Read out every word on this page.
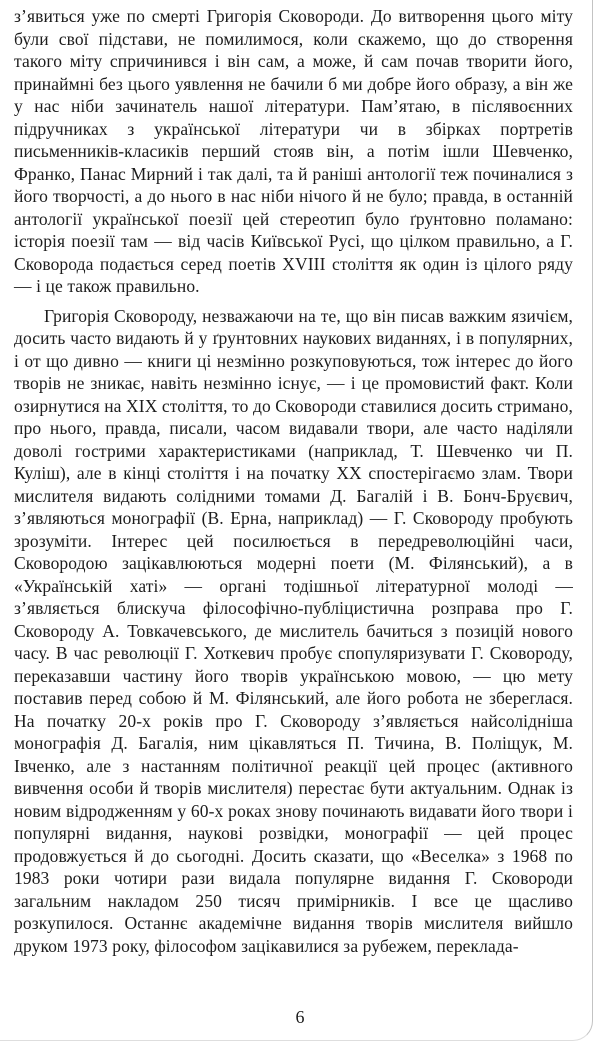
з’явиться уже по смерті Григорія Сковороди. До витворення цього міту були свої підстави, не помилимося, коли скажемо, що до створення такого міту спричинився і він сам, а може, й сам почав творити його, принаймні без цього уявлення не бачили б ми добре його образу, а він же у нас ніби зачинатель нашої літератури. Пам’ятаю, в післявоєнних підручниках з української літератури чи в збірках портретів письменників-класиків перший стояв він, а потім ішли Шевченко, Франко, Панас Мирний і так далі, та й раніші антології теж починалися з його творчості, а до нього в нас ніби нічого й не було; правда, в останній антології української поезії цей стереотип було ґрунтовно поламано: історія поезії там — від часів Київської Русі, що цілком правильно, а Г. Сковорода подається серед поетів XVIII століття як один із цілого ряду — і це також правильно.

Григорія Сковороду, незважаючи на те, що він писав важким язичієм, досить часто видають й у ґрунтовних наукових виданнях, і в популярних, і от що дивно — книги ці незмінно розкуповуються, тож інтерес до його творів не зникає, навіть незмінно існує, — і це промовистий факт. Коли озирнутися на XIX століття, то до Сковороди ставилися досить стримано, про нього, правда, писали, часом видавали твори, але часто наділяли доволі гострими характеристиками (наприклад, Т. Шевченко чи П. Куліш), але в кінці століття і на початку XX спостерігаємо злам. Твори мислителя видають солідними томами Д. Багалій і В. Бонч-Бруєвич, з’являються монографії (В. Ерна, наприклад) — Г. Сковороду пробують зрозуміти. Інтерес цей посилюється в передреволюційні часи, Сковородою зацікавлюються модерні поети (М. Філянський), а в «Українській хаті» — органі тодішньої літературної молоді — з’являється блискуча філософічно-публіцистична розправа про Г. Сковороду А. Товкачевського, де мислитель бачиться з позицій нового часу. В час революції Г. Хоткевич пробує спопуляризувати Г. Сковороду, переказавши частину його творів українською мовою, — цю мету поставив перед собою й М. Філянський, але його робота не збереглася. На початку 20-х років про Г. Сковороду з’являється найсолідніша монографія Д. Багалія, ним цікавляться П. Тичина, В. Поліщук, М. Івченко, але з настанням політичної реакції цей процес (активного вивчення особи й творів мислителя) перестає бути актуальним. Однак із новим відродженням у 60-х роках знову починають видавати його твори і популярні видання, наукові розвідки, монографії — цей процес продовжується й до сьогодні. Досить сказати, що «Веселка» з 1968 по 1983 роки чотири рази видала популярне видання Г. Сковороди загальним накладом 250 тисяч примірників. І все це щасливо розкупилося. Останнє академічне видання творів мислителя вийшло друком 1973 року, філософом зацікавилися за рубежем, переклада-

6
